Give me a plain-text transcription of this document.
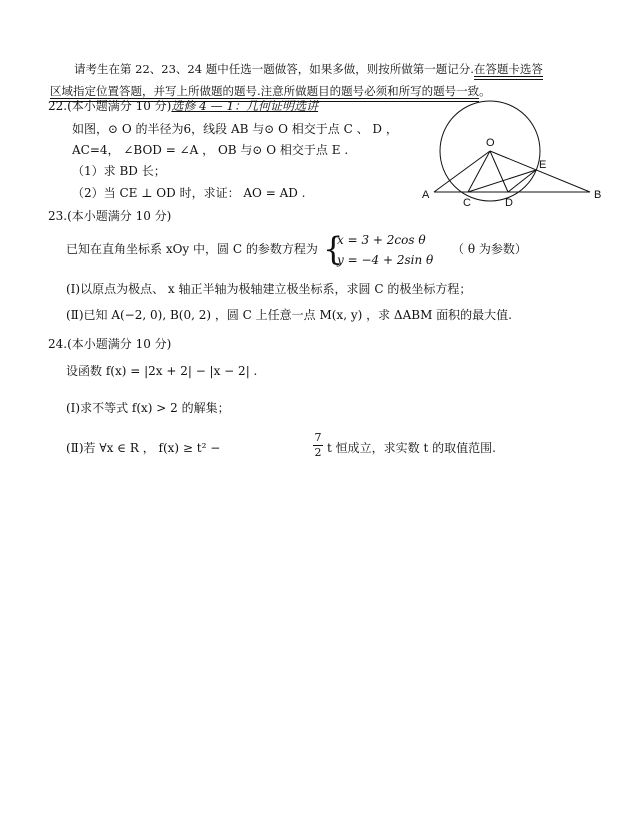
请考生在第 22、23、24 题中任选一题做答，如果多做，则按所做第一题记分.在答题卡选答区域指定位置答题，并写上所做题的题号.注意所做题目的题号必须和所写的题号一致。
22.(本小题满分 10 分)选修 4 — 1：几何证明选讲
如图，⊙ O 的半径为6，线段 AB 与⊙ O 相交于点 C 、 D ，
AC=4， ∠BOD = ∠A ， OB 与⊙ O 相交于点 E .
（1）求 BD 长；
（2）当 CE ⊥ OD 时，求证： AO = AD .
O
E
A
C	D
B
23.(本小题满分 10 分)
已知在直角坐标系 xOy 中，圆 C 的参数方程为 {
x = 3 + 2cos θ
y = −4 + 2sin θ
（ θ 为参数）
(Ⅰ)以原点为极点、 x 轴正半轴为极轴建立极坐标系，求圆 C 的极坐标方程；
(Ⅱ)已知 A(−2, 0), B(0, 2) ，圆 C 上任意一点 M(x, y) ，求 ΔABM 面积的最大值.
24.(本小题满分 10 分)
设函数 f(x) = |2x + 2| − |x − 2| .
(Ⅰ)求不等式 f(x) > 2 的解集；
(Ⅱ)若 ∀x ∈ R ， f(x) ≥ t² −
7
2 t 恒成立，求实数 t 的取值范围.
